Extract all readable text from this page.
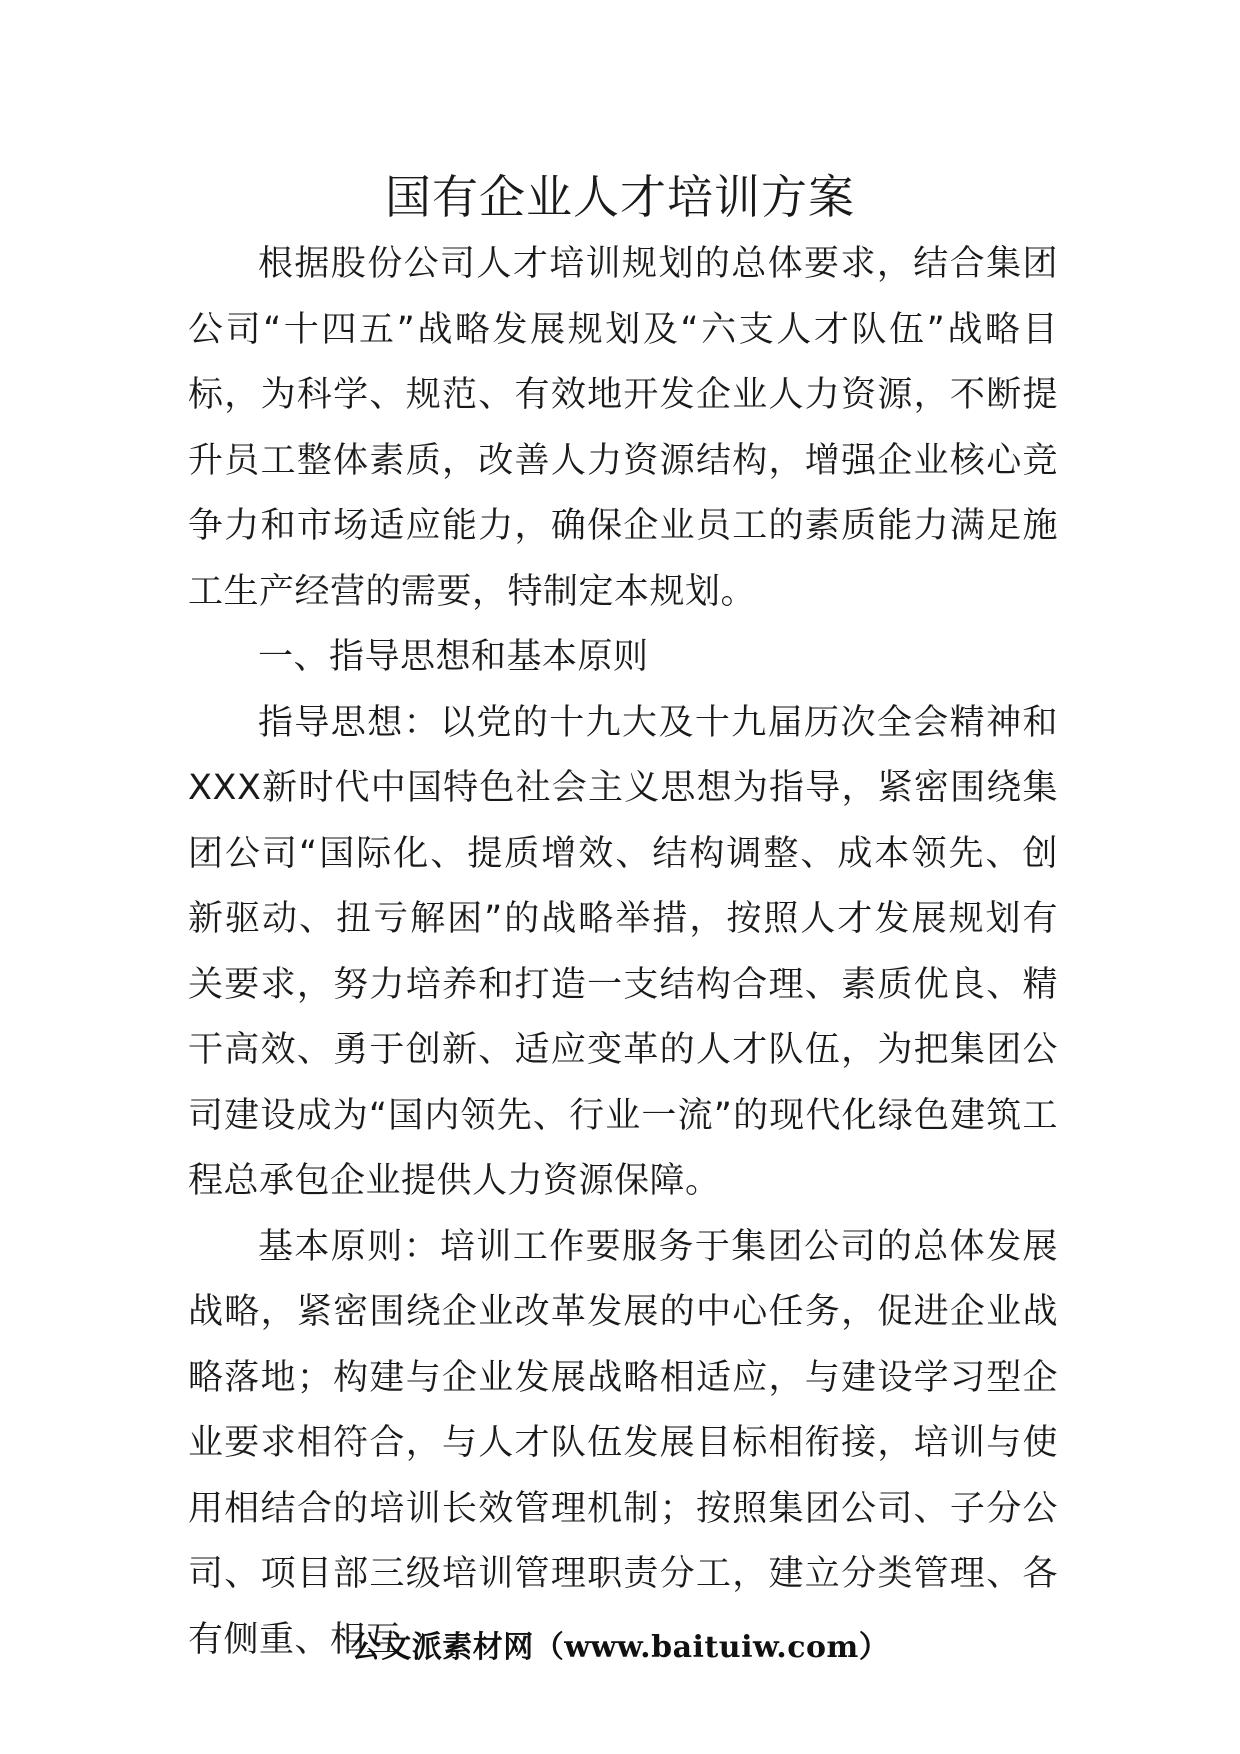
国有企业人才培训方案

根据股份公司人才培训规划的总体要求，结合集团公司“十四五”战略发展规划及“六支人才队伍”战略目标，为科学、规范、有效地开发企业人力资源，不断提升员工整体素质，改善人力资源结构，增强企业核心竞争力和市场适应能力，确保企业员工的素质能力满足施工生产经营的需要，特制定本规划。

一、指导思想和基本原则

指导思想：以党的十九大及十九届历次全会精神和XXX新时代中国特色社会主义思想为指导，紧密围绕集团公司“国际化、提质增效、结构调整、成本领先、创新驱动、扭亏解困”的战略举措，按照人才发展规划有关要求，努力培养和打造一支结构合理、素质优良、精干高效、勇于创新、适应变革的人才队伍，为把集团公司建设成为“国内领先、行业一流”的现代化绿色建筑工程总承包企业提供人力资源保障。

基本原则：培训工作要服务于集团公司的总体发展战略，紧密围绕企业改革发展的中心任务，促进企业战略落地；构建与企业发展战略相适应，与建设学习型企业要求相符合，与人才队伍发展目标相衔接，培训与使用相结合的培训长效管理机制；按照集团公司、子分公司、项目部三级培训管理职责分工，建立分类管理、各有侧重、相互

公文派素材网（www.baituiw.com）
